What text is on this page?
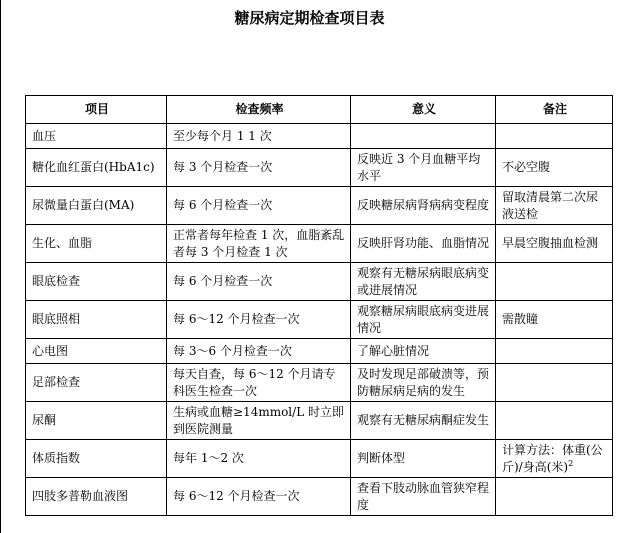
糖尿病定期检查项目表
项目	检查频率	意义	备注
血压	至少每个月 1 1 次		
糖化血红蛋白(HbA1c)	每 3 个月检查一次	反映近 3 个月血糖平均水平	不必空腹
尿微量白蛋白(MA)	每 6 个月检查一次	反映糖尿病肾病病变程度	留取清晨第二次尿液送检
生化、血脂	正常者每年检查 1 次，血脂紊乱者每 3 个月检查 1 次	反映肝肾功能、血脂情况	早晨空腹抽血检测
眼底检查	每 6 个月检查一次	观察有无糖尿病眼底病变或进展情况	
眼底照相	每 6～12 个月检查一次	观察糖尿病眼底病变进展情况	需散瞳
心电图	每 3～6 个月检查一次	了解心脏情况	
足部检查	每天自查，每 6～12 个月请专科医生检查一次	及时发现足部破溃等，预防糖尿病足病的发生	
尿酮	生病或血糖≥14mmol/L 时立即到医院测量	观察有无糖尿病酮症发生	
体质指数	每年 1～2 次	判断体型	计算方法：体重(公斤)/身高(米)$^2$
四肢多普勒血液图	每 6～12 个月检查一次	查看下肢动脉血管狭窄程度	
